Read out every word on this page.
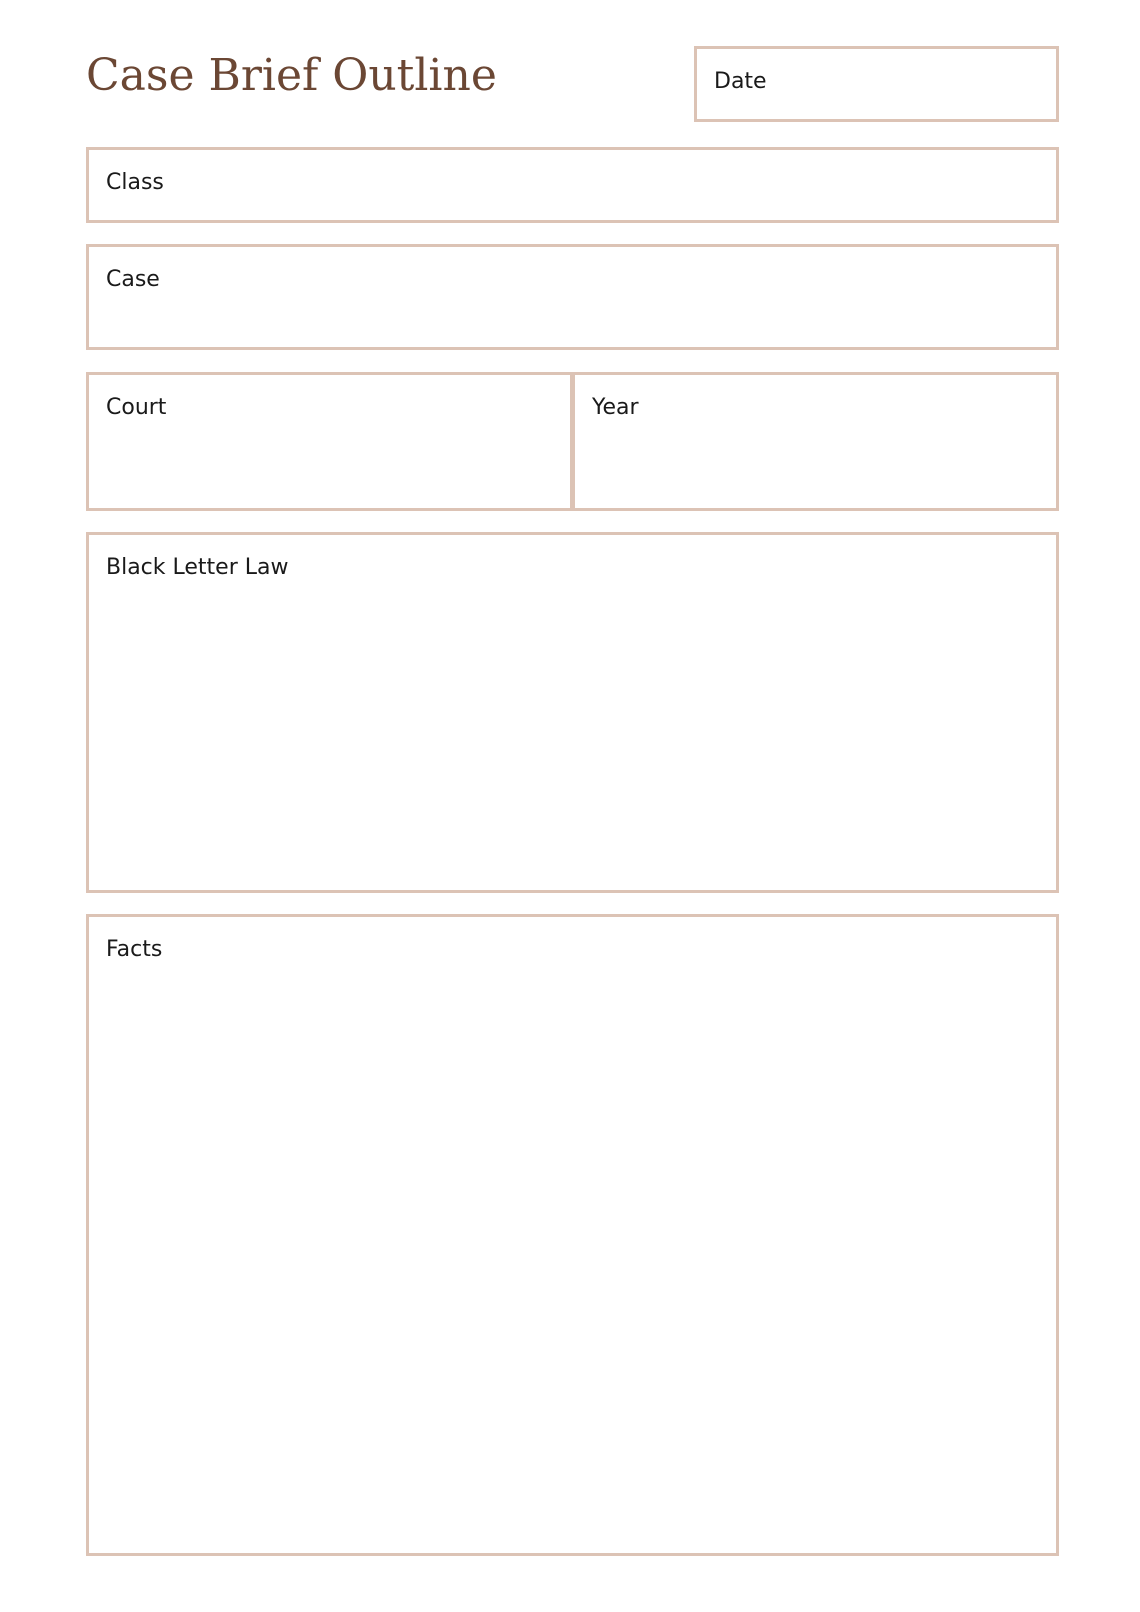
Case Brief Outline	Date
Class
Case
Court	Year
Black Letter Law
Facts
